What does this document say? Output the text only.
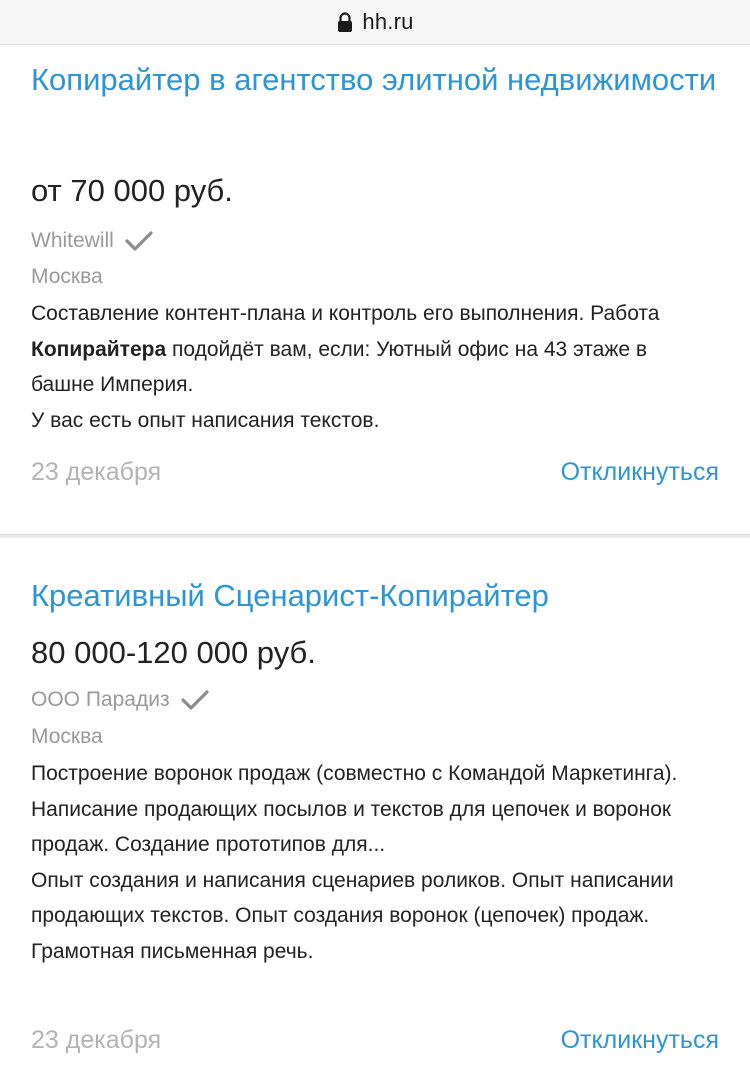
hh.ru
Копирайтер в агентство элитной недвижимости
от 70 000 руб.
Whitewill
Москва
Составление контент-плана и контроль его выполнения. Работа Копирайтера подойдёт вам, если: Уютный офис на 43 этаже в башне Империя.
У вас есть опыт написания текстов.
23 декабря	Откликнуться
Креативный Сценарист-Копирайтер
80 000-120 000 руб.
ООО Парадиз
Москва
Построение воронок продаж (совместно с Командой Маркетинга). Написание продающих посылов и текстов для цепочек и воронок продаж. Создание прототипов для...
Опыт создания и написания сценариев роликов. Опыт написании продающих текстов. Опыт создания воронок (цепочек) продаж. Грамотная письменная речь.
23 декабря	Откликнуться
